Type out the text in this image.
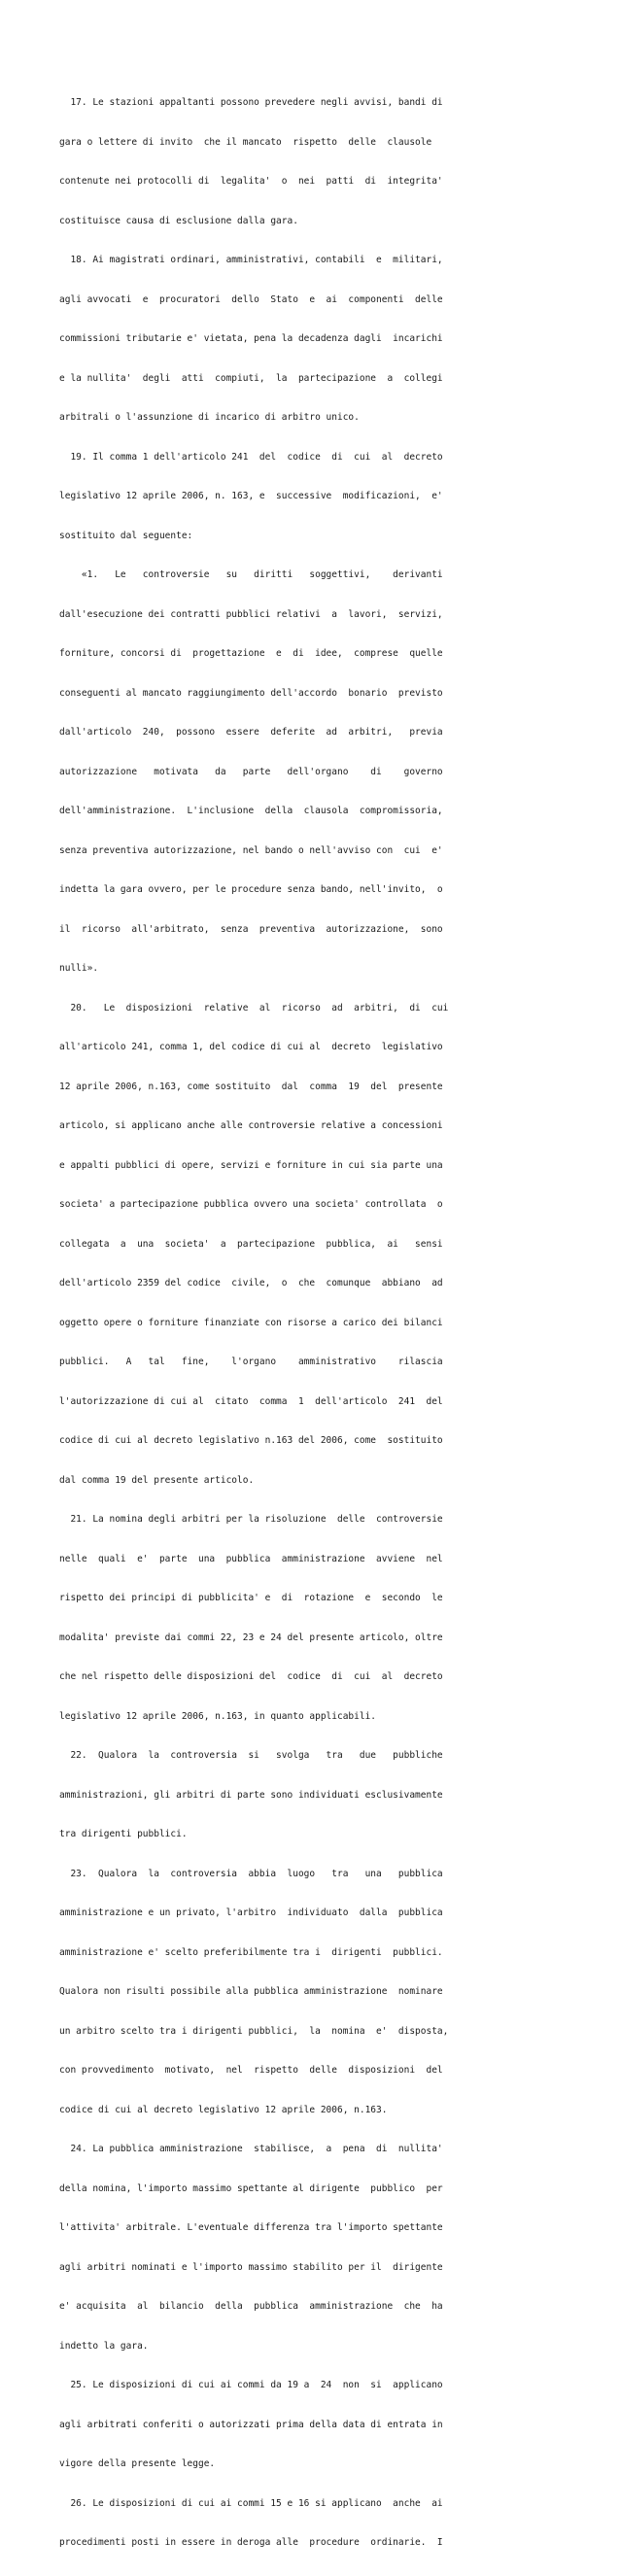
17. Le stazioni appaltanti possono prevedere negli avvisi, bandi di

gara o lettere di invito  che il mancato  rispetto  delle  clausole

contenute nei protocolli di  legalita'  o  nei  patti  di  integrita'

costituisce causa di esclusione dalla gara.

18. Ai magistrati ordinari, amministrativi, contabili  e  militari,

agli avvocati  e  procuratori  dello  Stato  e  ai  componenti  delle

commissioni tributarie e' vietata, pena la decadenza dagli  incarichi

e la nullita'  degli  atti  compiuti,  la  partecipazione  a  collegi

arbitrali o l'assunzione di incarico di arbitro unico.

19. Il comma 1 dell'articolo 241  del  codice  di  cui  al  decreto

legislativo 12 aprile 2006, n. 163, e  successive  modificazioni,  e'

sostituito dal seguente:

«1.   Le   controversie   su   diritti   soggettivi,    derivanti

dall'esecuzione dei contratti pubblici relativi  a  lavori,  servizi,

forniture, concorsi di  progettazione  e  di  idee,  comprese  quelle

conseguenti al mancato raggiungimento dell'accordo  bonario  previsto

dall'articolo  240,  possono  essere  deferite  ad  arbitri,   previa

autorizzazione   motivata   da   parte   dell'organo    di    governo

dell'amministrazione.  L'inclusione  della  clausola  compromissoria,

senza preventiva autorizzazione, nel bando o nell'avviso con  cui  e'

indetta la gara ovvero, per le procedure senza bando, nell'invito,  o

il  ricorso  all'arbitrato,  senza  preventiva  autorizzazione,  sono

nulli».

20.   Le  disposizioni  relative  al  ricorso  ad  arbitri,  di  cui

all'articolo 241, comma 1, del codice di cui al  decreto  legislativo

12 aprile 2006, n.163, come sostituito  dal  comma  19  del  presente

articolo, si applicano anche alle controversie relative a concessioni

e appalti pubblici di opere, servizi e forniture in cui sia parte una

societa' a partecipazione pubblica ovvero una societa' controllata  o

collegata  a  una  societa'  a  partecipazione  pubblica,  ai   sensi

dell'articolo 2359 del codice  civile,  o  che  comunque  abbiano  ad

oggetto opere o forniture finanziate con risorse a carico dei bilanci

pubblici.   A   tal   fine,    l'organo    amministrativo    rilascia

l'autorizzazione di cui al  citato  comma  1  dell'articolo  241  del

codice di cui al decreto legislativo n.163 del 2006, come  sostituito

dal comma 19 del presente articolo.

21. La nomina degli arbitri per la risoluzione  delle  controversie

nelle  quali  e'  parte  una  pubblica  amministrazione  avviene  nel

rispetto dei principi di pubblicita' e  di  rotazione  e  secondo  le

modalita' previste dai commi 22, 23 e 24 del presente articolo, oltre

che nel rispetto delle disposizioni del  codice  di  cui  al  decreto

legislativo 12 aprile 2006, n.163, in quanto applicabili.

22.  Qualora  la  controversia  si   svolga   tra   due   pubbliche

amministrazioni, gli arbitri di parte sono individuati esclusivamente

tra dirigenti pubblici.

23.  Qualora  la  controversia  abbia  luogo   tra   una   pubblica

amministrazione e un privato, l'arbitro  individuato  dalla  pubblica

amministrazione e' scelto preferibilmente tra i  dirigenti  pubblici.

Qualora non risulti possibile alla pubblica amministrazione  nominare

un arbitro scelto tra i dirigenti pubblici,  la  nomina  e'  disposta,

con provvedimento  motivato,  nel  rispetto  delle  disposizioni  del

codice di cui al decreto legislativo 12 aprile 2006, n.163.

24. La pubblica amministrazione  stabilisce,  a  pena  di  nullita'

della nomina, l'importo massimo spettante al dirigente  pubblico  per

l'attivita' arbitrale. L'eventuale differenza tra l'importo spettante

agli arbitri nominati e l'importo massimo stabilito per il  dirigente

e' acquisita  al  bilancio  della  pubblica  amministrazione  che  ha

indetto la gara.

25. Le disposizioni di cui ai commi da 19 a  24  non  si  applicano

agli arbitrati conferiti o autorizzati prima della data di entrata in

vigore della presente legge.

26. Le disposizioni di cui ai commi 15 e 16 si applicano  anche  ai

procedimenti posti in essere in deroga alle  procedure  ordinarie.  I
